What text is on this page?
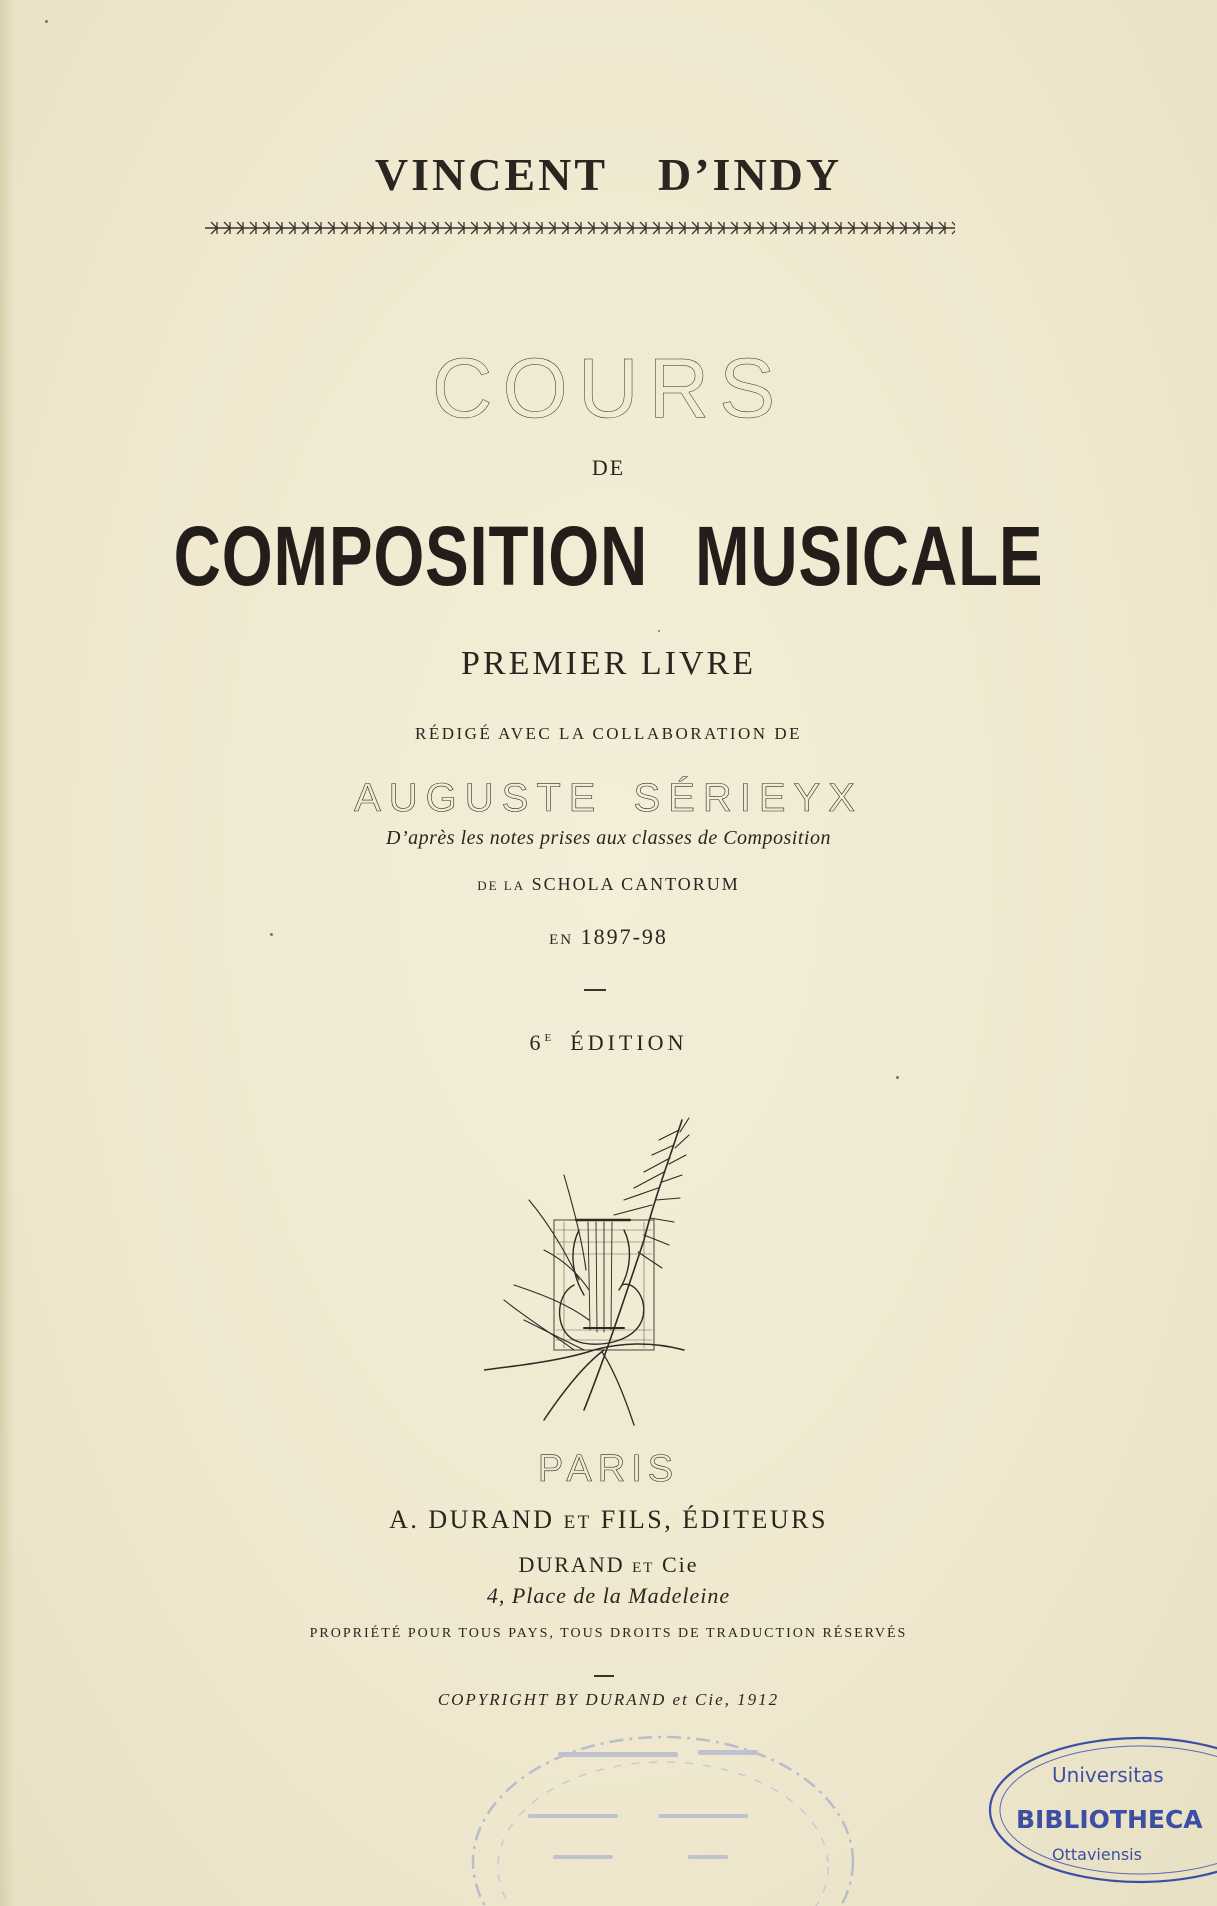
VINCENT D’INDY
COURS
DE
COMPOSITION MUSICALE
PREMIER LIVRE
RÉDIGÉ AVEC LA COLLABORATION DE
AUGUSTE SÉRIEYX
D’après les notes prises aux classes de Composition
DE LA SCHOLA CANTORUM
EN 1897-98
$6^E$ ÉDITION
PARIS
A. DURAND ET FILS, ÉDITEURS
DURAND ET Cie
4, Place de la Madeleine
PROPRIÉTÉ POUR TOUS PAYS, TOUS DROITS DE TRADUCTION RÉSERVÉS
COPYRIGHT BY DURAND et Cie, 1912
Universitas
BIBLIOTHECA
Ottaviensis
